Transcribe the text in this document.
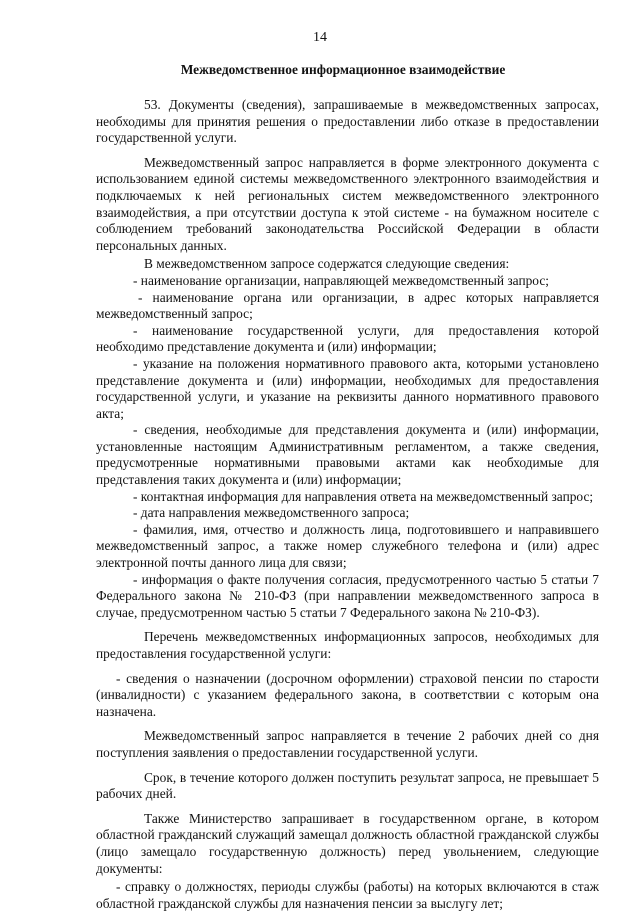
14
Межведомственное информационное взаимодействие

53. Документы (сведения), запрашиваемые в межведомственных запросах, необходимы для принятия решения о предоставлении либо отказе в предоставлении государственной услуги.

Межведомственный запрос направляется в форме электронного документа с использованием единой системы межведомственного электронного взаимодействия и подключаемых к ней региональных систем межведомственного электронного взаимодействия, а при отсутствии доступа к этой системе - на бумажном носителе с соблюдением требований законодательства Российской Федерации в области персональных данных.

В межведомственном запросе содержатся следующие сведения:

- наименование организации, направляющей межведомственный запрос;

- наименование органа или организации, в адрес которых направляется межведомственный запрос;

- наименование государственной услуги, для предоставления которой необходимо представление документа и (или) информации;

- указание на положения нормативного правового акта, которыми установлено представление документа и (или) информации, необходимых для предоставления государственной услуги, и указание на реквизиты данного нормативного правового акта;

- сведения, необходимые для представления документа и (или) информации, установленные настоящим Административным регламентом, а также сведения, предусмотренные нормативными правовыми актами как необходимые для представления таких документа и (или) информации;

- контактная информация для направления ответа на межведомственный запрос;

- дата направления межведомственного запроса;

- фамилия, имя, отчество и должность лица, подготовившего и направившего межведомственный запрос, а также номер служебного телефона и (или) адрес электронной почты данного лица для связи;

- информация о факте получения согласия, предусмотренного частью 5 статьи 7 Федерального закона № 210-ФЗ (при направлении межведомственного запроса в случае, предусмотренном частью 5 статьи 7 Федерального закона № 210-ФЗ).

Перечень межведомственных информационных запросов, необходимых для предоставления государственной услуги:

- сведения о назначении (досрочном оформлении) страховой пенсии по старости (инвалидности) с указанием федерального закона, в соответствии с которым она назначена.

Межведомственный запрос направляется в течение 2 рабочих дней со дня поступления заявления о предоставлении государственной услуги.

Срок, в течение которого должен поступить результат запроса, не превышает 5 рабочих дней.

Также Министерство запрашивает в государственном органе, в котором областной гражданский служащий замещал должность областной гражданской службы (лицо замещало государственную должность) перед увольнением, следующие документы:

- справку о должностях, периоды службы (работы) на которых включаются в стаж областной гражданской службы для назначения пенсии за выслугу лет;
